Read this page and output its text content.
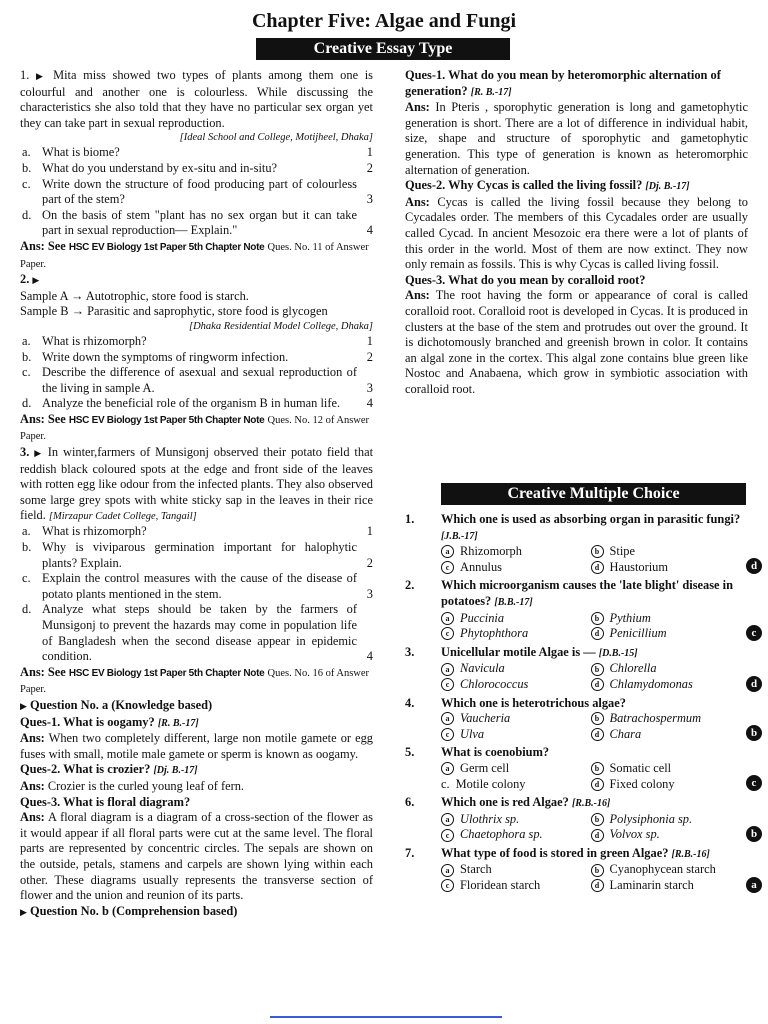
Chapter Five: Algae and Fungi
Creative Essay Type

1. ▶ Mita miss showed two types of plants among them one is colourful and another one is colourless. While discussing the characteristics she also told that they have no particular sex organ yet they can take part in sexual reproduction.

[Ideal School and College, Motijheel, Dhaka]
a. What is biome?	1
b. What do you understand by ex-situ and in-situ?	2
c. Write down the structure of food producing part of colourless part of the stem?	3
d. On the basis of stem "plant has no sex organ but it can take part in sexual reproduction— Explain."	4

Ans: See HSC EV Biology 1st Paper 5th Chapter Note Ques. No. 11 of Answer Paper.

2. ▶

Sample A → Autotrophic, store food is starch.

Sample B → Parasitic and saprophytic, store food is glycogen

[Dhaka Residential Model College, Dhaka]
a. What is rhizomorph?	1
b. Write down the symptoms of ringworm infection.	2
c. Describe the difference of asexual and sexual reproduction of the living in sample A.	3
d. Analyze the beneficial role of the organism B in human life. 4

Ans: See HSC EV Biology 1st Paper 5th Chapter Note Ques. No. 12 of Answer Paper.

3. ▶ In winter,farmers of Munsigonj observed their potato field that reddish black coloured spots at the edge and front side of the leaves with rotten egg like odour from the infected plants. They also observed some large grey spots with white sticky sap in the leaves in their rice field. [Mirzapur Cadet College, Tangail]

a. What is rhizomorph?	1
b. Why is viviparous germination important for halophytic plants? Explain.	2
c. Explain the control measures with the cause of the disease of potato plants mentioned in the stem.	3
d. Analyze what steps should be taken by the farmers of Munsigonj to prevent the hazards may come in population life of Bangladesh when the second disease appear in epidemic condition.	4

Ans: See HSC EV Biology 1st Paper 5th Chapter Note Ques. No. 16 of Answer Paper.

▶ Question No. a (Knowledge based)

Ques-1. What is oogamy? [R. B.-17]

Ans: When two completely different, large non motile gamete or egg fuses with small, motile male gamete or sperm is known as oogamy.

Ques-2. What is crozier? [Dj. B.-17]

Ans: Crozier is the curled young leaf of fern.

Ques-3. What is floral diagram?

Ans: A floral diagram is a diagram of a cross-section of the flower as it would appear if all floral parts were cut at the same level. The floral parts are represented by concentric circles. The sepals are shown on the outside, petals, stamens and carpels are shown lying within each other. These diagrams usually represents the transverse section of flower and the union and reunion of its parts.

▶ Question No. b (Comprehension based)

Ques-1. What do you mean by heteromorphic alternation of generation? [R. B.-17]

Ans: In Pteris , sporophytic generation is long and gametophytic generation is short. There are a lot of difference in individual habit, size, shape and structure of sporophytic and gametophytic generation. This type of generation is known as heteromorphic alternation of generation.

Ques-2. Why Cycas is called the living fossil? [Dj. B.-17]

Ans: Cycas is called the living fossil because they belong to Cycadales order. The members of this Cycadales order are usually called Cycad. In ancient Mesozoic era there were a lot of plants of this order in the world. Most of them are now extinct. They now only remain as fossils. This is why Cycas is called living fossil.

Ques-3. What do you mean by coralloid root?

Ans: The root having the form or appearance of coral is called coralloid root. Coralloid root is developed in Cycas. It is produced in clusters at the base of the stem and protrudes out over the ground. It is dichotomously branched and greenish brown in color. It contains an algal zone in the cortex. This algal zone contains blue green like Nostoc and Anabaena, which grow in symbiotic association with coralloid root.

Creative Multiple Choice
1. Which one is used as absorbing organ in parasitic fungi? [J.B.-17]
a Rhizomorph	b Stipe
c Annulus	d Haustorium	d
2. Which microorganism causes the 'late blight' disease in potatoes? [B.B.-17]
a Puccinia	b Pythium
c Phytophthora	d Penicillium	c
3. Unicellular motile Algae is — [D.B.-15]
a Navicula	b Chlorella
c Chlorococcus	d Chlamydomonas	d
4. Which one is heterotrichous algae?
a Vaucheria	b Batrachospermum
c Ulva	d Chara	b
5. What is coenobium?
a Germ cell	b Somatic cell
c. Motile colony	d Fixed colony	c
6. Which one is red Algae? [R.B.-16]
a Ulothrix sp.	b Polysiphonia sp.
c Chaetophora sp.	d Volvox sp.	b
7. What type of food is stored in green Algae? [R.B.-16]
a Starch	b Cyanophycean starch
c Floridean starch	d Laminarin starch	a
